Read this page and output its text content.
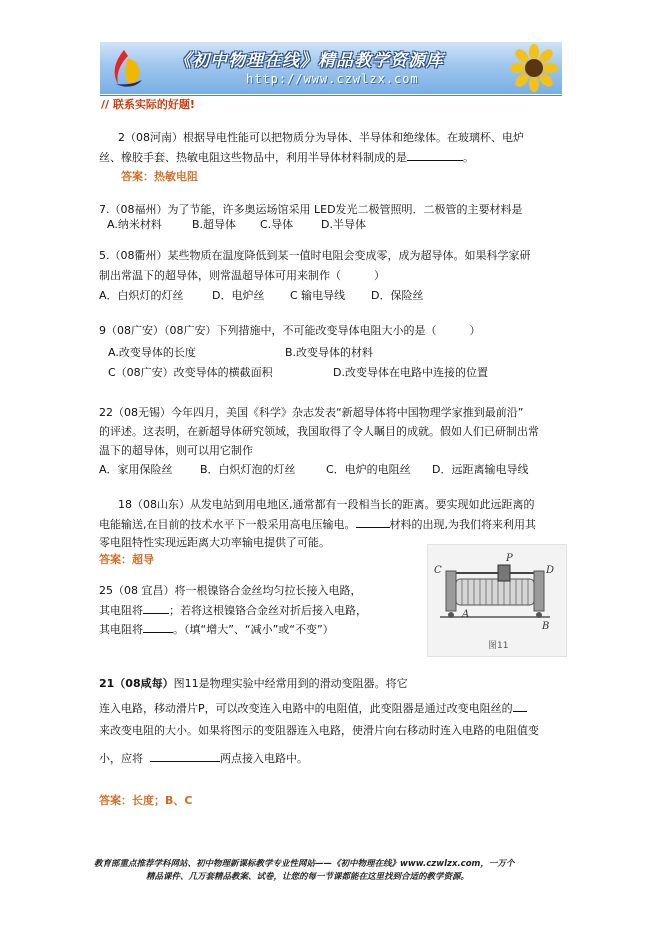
《初中物理在线》精品教学资源库
http://www.czwlzx.com
// 联系实际的好题!
2（08河南）根据导电性能可以把物质分为导体、半导体和绝缘体。在玻璃杯、电炉
丝、橡胶手套、热敏电阻这些物品中，利用半导体材料制成的是	。
答案：热敏电阻
7.（08福州）为了节能，许多奥运场馆采用 LED发光二极管照明．二极管的主要材料是
A.纳米材料	B.超导体 C.导体	D.半导体
5.（08衢州）某些物质在温度降低到某一值时电阻会变成零，成为超导体。如果科学家研
制出常温下的超导体，则常温超导体可用来制作（　　　）
A．白炽灯的灯丝	D．电炉丝 C 输电导线 D．保险丝
9（08广安）（08广安）下列措施中，不可能改变导体电阻大小的是（　　　）
A.改变导体的长度	B.改变导体的材料
C（08广安）改变导体的横截面积	D.改变导体在电路中连接的位置
22（08无锡）今年四月，美国《科学》杂志发表“新超导体将中国物理学家推到最前沿”
的评述。这表明，在新超导体研究领域，我国取得了令人瞩目的成就。假如人们已研制出常
温下的超导体，则可以用它制作
A．家用保险丝 B．白炽灯泡的灯丝	C．电炉的电阻丝 D．远距离输电导线
18（08山东）从发电站到用电地区,通常都有一段相当长的距离。要实现如此远距离的
电能输送,在目前的技术水平下一般采用高电压输电。	材料的出现,为我们将来利用其
零电阻特性实现远距离大功率输电提供了可能。
答案：超导
25（08 宜昌）将一根镍铬合金丝均匀拉长接入电路，
其电阻将 ；若将这根镍铬合金丝对折后接入电路，
其电阻将	。（填“增大”、“减小”或“不变”）
C
P
D
A
B
图11
21（08咸每）图11是物理实验中经常用到的滑动变阻器。将它
连入电路，移动滑片P，可以改变连入电路中的电阻值，此变阻器是通过改变电阻丝的
来改变电阻的大小。如果将图示的变阻器连入电路，使滑片向右移动时连入电路的电阻值变
小，应将	两点接入电路中。
答案：长度；B、C
教育部重点推荐学科网站、初中物理新课标教学专业性网站——《初中物理在线》www.czwlzx.com，一万个
精品课件、几万套精品教案、试卷，让您的每一节课都能在这里找到合适的教学资源。
